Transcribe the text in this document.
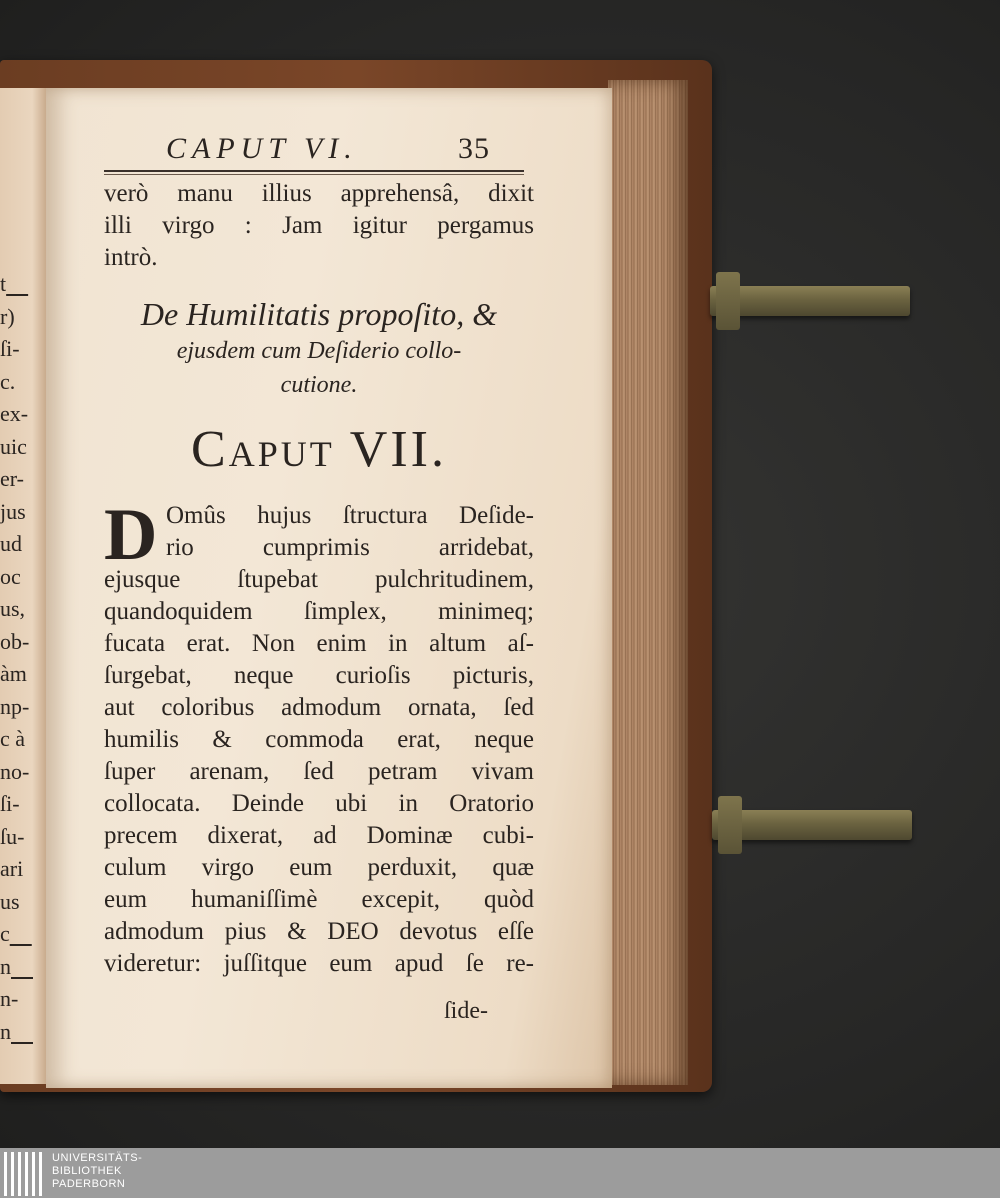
t⎽
r)
ſi-
c.
ex-
uic
er-
jus
ud
oc
us,
ob-
àm
np-
c à
no-
ſi-
ſu-
ari
us
c⎽
n⎽
n-
n⎽
CAPUT VI.	35
verò manu illius apprehensâ, dixit
illi virgo : Jam igitur pergamus
intrò.
De Humilitatis propoſito, &
ejusdem cum Deſiderio collo-
cutione.
Caput VII.
D Omûs hujus ſtructura Deſide-
rio cumprimis arridebat,
ejusque ſtupebat pulchritudinem,
quandoquidem ſimplex, minimeq;
fucata erat. Non enim in altum aſ-
ſurgebat, neque curioſis picturis,
aut coloribus admodum ornata, ſed
humilis & commoda erat, neque
ſuper arenam, ſed petram vivam
collocata. Deinde ubi in Oratorio
precem dixerat, ad Dominæ cubi-
culum virgo eum perduxit, quæ
eum humaniſſimè excepit, quòd
admodum pius & DEO devotus eſſe
videretur: juſſitque eum apud ſe re-
ſide-
UNIVERSITÄTS-
BIBLIOTHEK
PADERBORN
